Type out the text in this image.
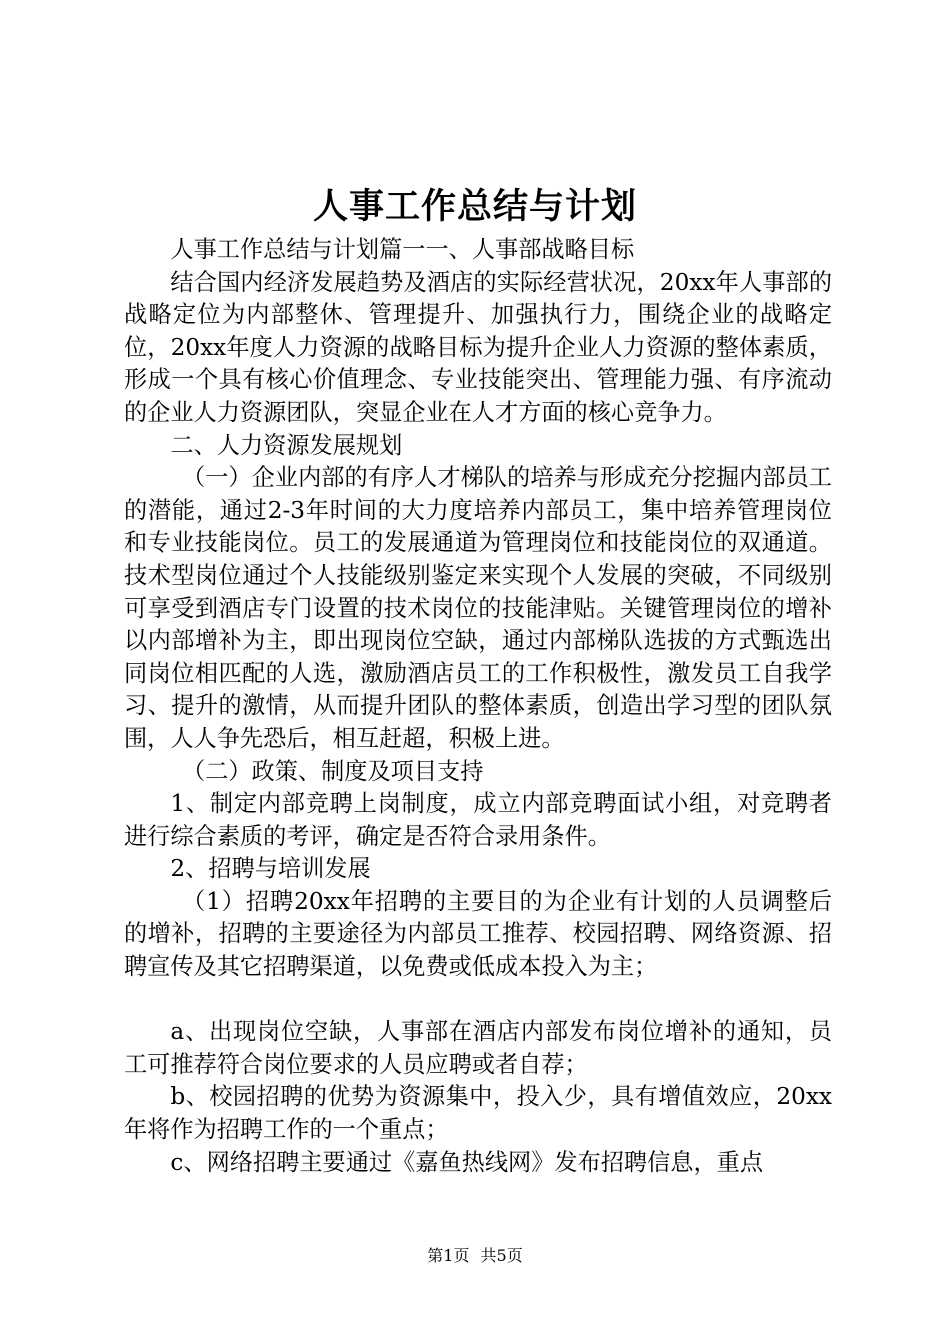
人事工作总结与计划

人事工作总结与计划篇一一、人事部战略目标

结合国内经济发展趋势及酒店的实际经营状况，20xx年人事部的战略定位为内部整休、管理提升、加强执行力，围绕企业的战略定位，20xx年度人力资源的战略目标为提升企业人力资源的整体素质，形成一个具有核心价值理念、专业技能突出、管理能力强、有序流动的企业人力资源团队，突显企业在人才方面的核心竞争力。

二、人力资源发展规划

（一）企业内部的有序人才梯队的培养与形成充分挖掘内部员工的潜能，通过2-3年时间的大力度培养内部员工，集中培养管理岗位和专业技能岗位。员工的发展通道为管理岗位和技能岗位的双通道。技术型岗位通过个人技能级别鉴定来实现个人发展的突破，不同级别可享受到酒店专门设置的技术岗位的技能津贴。关键管理岗位的增补以内部增补为主，即出现岗位空缺，通过内部梯队选拔的方式甄选出同岗位相匹配的人选，激励酒店员工的工作积极性，激发员工自我学习、提升的激情，从而提升团队的整体素质，创造出学习型的团队氛围，人人争先恐后，相互赶超，积极上进。

（二）政策、制度及项目支持

1、制定内部竞聘上岗制度，成立内部竞聘面试小组，对竞聘者进行综合素质的考评，确定是否符合录用条件。

2、招聘与培训发展

（1）招聘20xx年招聘的主要目的为企业有计划的人员调整后的增补，招聘的主要途径为内部员工推荐、校园招聘、网络资源、招聘宣传及其它招聘渠道，以免费或低成本投入为主；

a、出现岗位空缺，人事部在酒店内部发布岗位增补的通知，员工可推荐符合岗位要求的人员应聘或者自荐；

b、校园招聘的优势为资源集中，投入少，具有增值效应，20xx年将作为招聘工作的一个重点；

c、网络招聘主要通过《嘉鱼热线网》发布招聘信息，重点

第1页 共5页
